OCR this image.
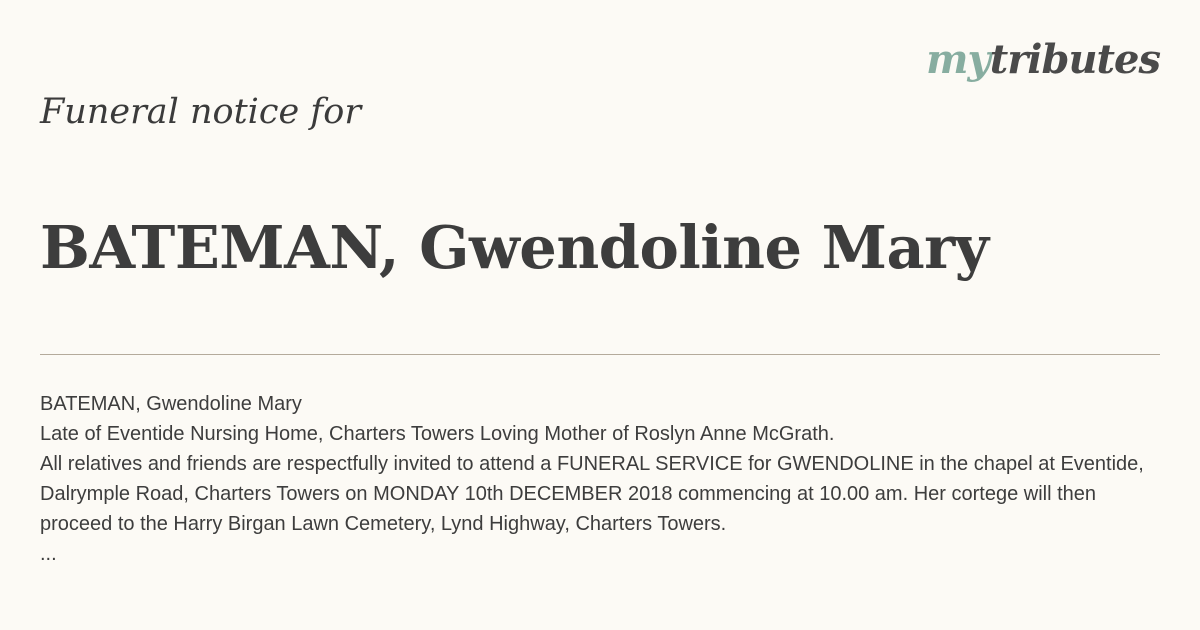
mytributes
Funeral notice for
BATEMAN, Gwendoline Mary
BATEMAN, Gwendoline Mary
Late of Eventide Nursing Home, Charters Towers Loving Mother of Roslyn Anne McGrath.
All relatives and friends are respectfully invited to attend a FUNERAL SERVICE for GWENDOLINE in the chapel at Eventide, Dalrymple Road, Charters Towers on MONDAY 10th DECEMBER 2018 commencing at 10.00 am. Her cortege will then proceed to the Harry Birgan Lawn Cemetery, Lynd Highway, Charters Towers.
...
